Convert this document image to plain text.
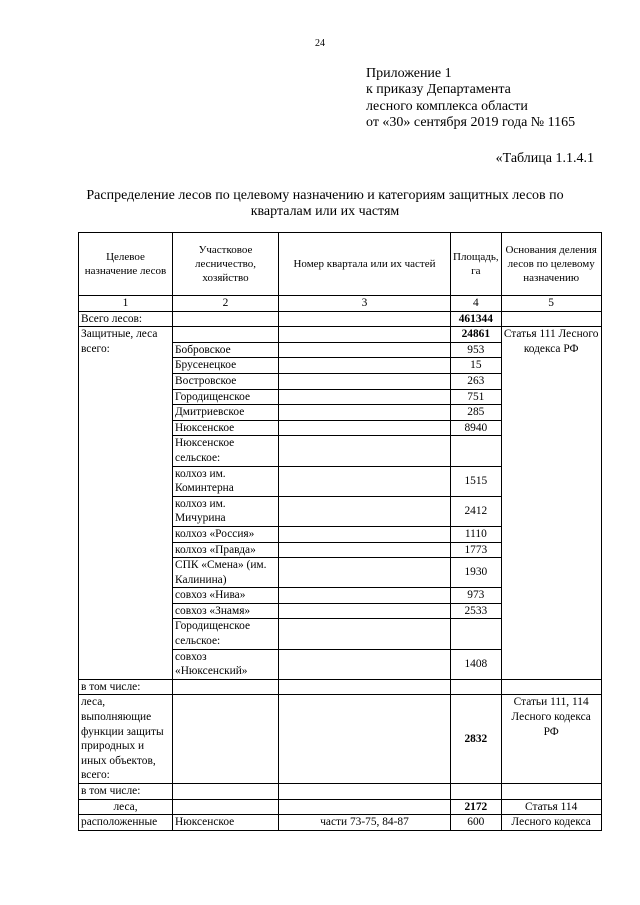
24
Приложение 1
к приказу Департамента
лесного комплекса области
от «30» сентября 2019 года № 1165
«Таблица 1.1.4.1
Распределение лесов по целевому назначению и категориям защитных лесов по
кварталам или их частям
Целевое назначение лесов	Участковое лесничество, хозяйство	Номер квартала или их частей	Площадь, га	Основания деления лесов по целевому назначению
1	2	3	4	5
Всего лесов:			461344	
Защитные, леса всего:			24861	Статья 111 Лесного кодекса РФ
	Бобровское		953	
	Брусенецкое		15	
	Востровское		263	
	Городищенское		751	
	Дмитриевское		285	
	Нюксенское		8940	
	Нюксенское сельское:			
	колхоз им. Коминтерна		1515	
	колхоз им. Мичурина		2412	
	колхоз «Россия»		1110	
	колхоз «Правда»		1773	
	СПК «Смена» (им. Калинина)		1930	
	совхоз «Нива»		973	
	совхоз «Знамя»		2533	
	Городищенское сельское:			
	совхоз «Нюксенский»		1408	
в том числе:				
леса, выполняющие функции защиты природных и иных объектов, всего:			2832	Статьи 111, 114 Лесного кодекса РФ
в том числе:				
леса,			2172	Статья 114
расположенные	Нюксенское	части 73-75, 84-87	600	Лесного кодекса
